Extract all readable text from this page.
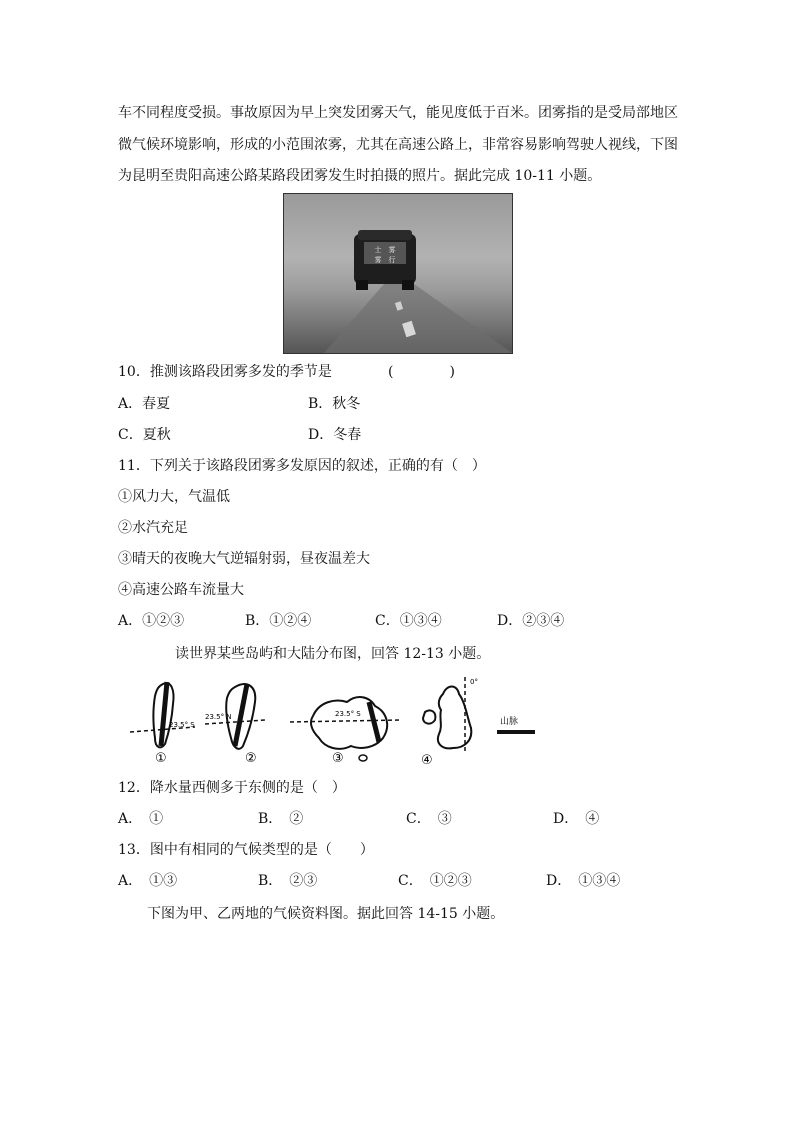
车不同程度受损。事故原因为早上突发团雾天气，能见度低于百米。团雾指的是受局部地区
微气候环境影响，形成的小范围浓雾，尤其在高速公路上，非常容易影响驾驶人视线，下图
为昆明至贵阳高速公路某路段团雾发生时拍摄的照片。据此完成 10-11 小题。
士　雾
雾　行
10．推测该路段团雾多发的季节是	(　　　　)
A．春夏	B．秋冬
C．夏秋	D．冬春
11．下列关于该路段团雾多发原因的叙述，正确的有（　）
①风力大，气温低
②水汽充足
③晴天的夜晚大气逆辐射弱，昼夜温差大
④高速公路车流量大
A．①②③	B．①②④	C．①③④	D．②③④
读世界某些岛屿和大陆分布图，回答 12-13 小题。
23.5° S
①
23.5° N
②
23.5° S
③
0°
④
山脉
12．降水量西侧多于东侧的是（　）
A．　①	B．　②	C．　③	D．　④
13．图中有相同的气候类型的是（　　）
A．　①③	B．　②③	C．　①②③	D．　①③④
下图为甲、乙两地的气候资料图。据此回答 14-15 小题。
